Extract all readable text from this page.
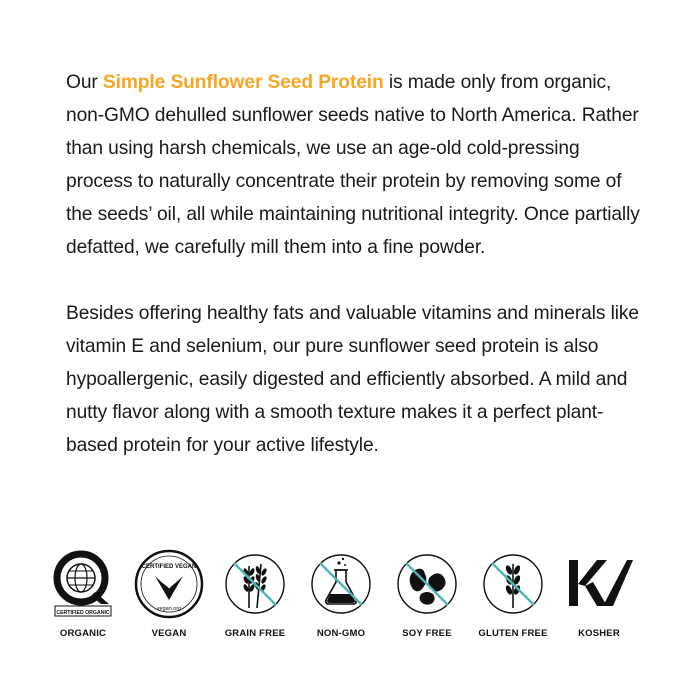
Our Simple Sunflower Seed Protein is made only from organic, non-GMO dehulled sunflower seeds native to North America. Rather than using harsh chemicals, we use an age-old cold-pressing process to naturally concentrate their protein by removing some of the seeds’ oil, all while maintaining nutritional integrity. Once partially defatted, we carefully mill them into a fine powder.

Besides offering healthy fats and valuable vitamins and minerals like vitamin E and selenium, our pure sunflower seed protein is also hypoallergenic, easily digested and efficiently absorbed. A mild and nutty flavor along with a smooth texture makes it a perfect plant-based protein for your active lifestyle.

CERTIFIED ORGANIC
ORGANIC
CERTIFIED VEGAN
vegan.org
VEGAN	GRAIN FREE	NON-GMO	SOY FREE	GLUTEN FREE	KOSHER
